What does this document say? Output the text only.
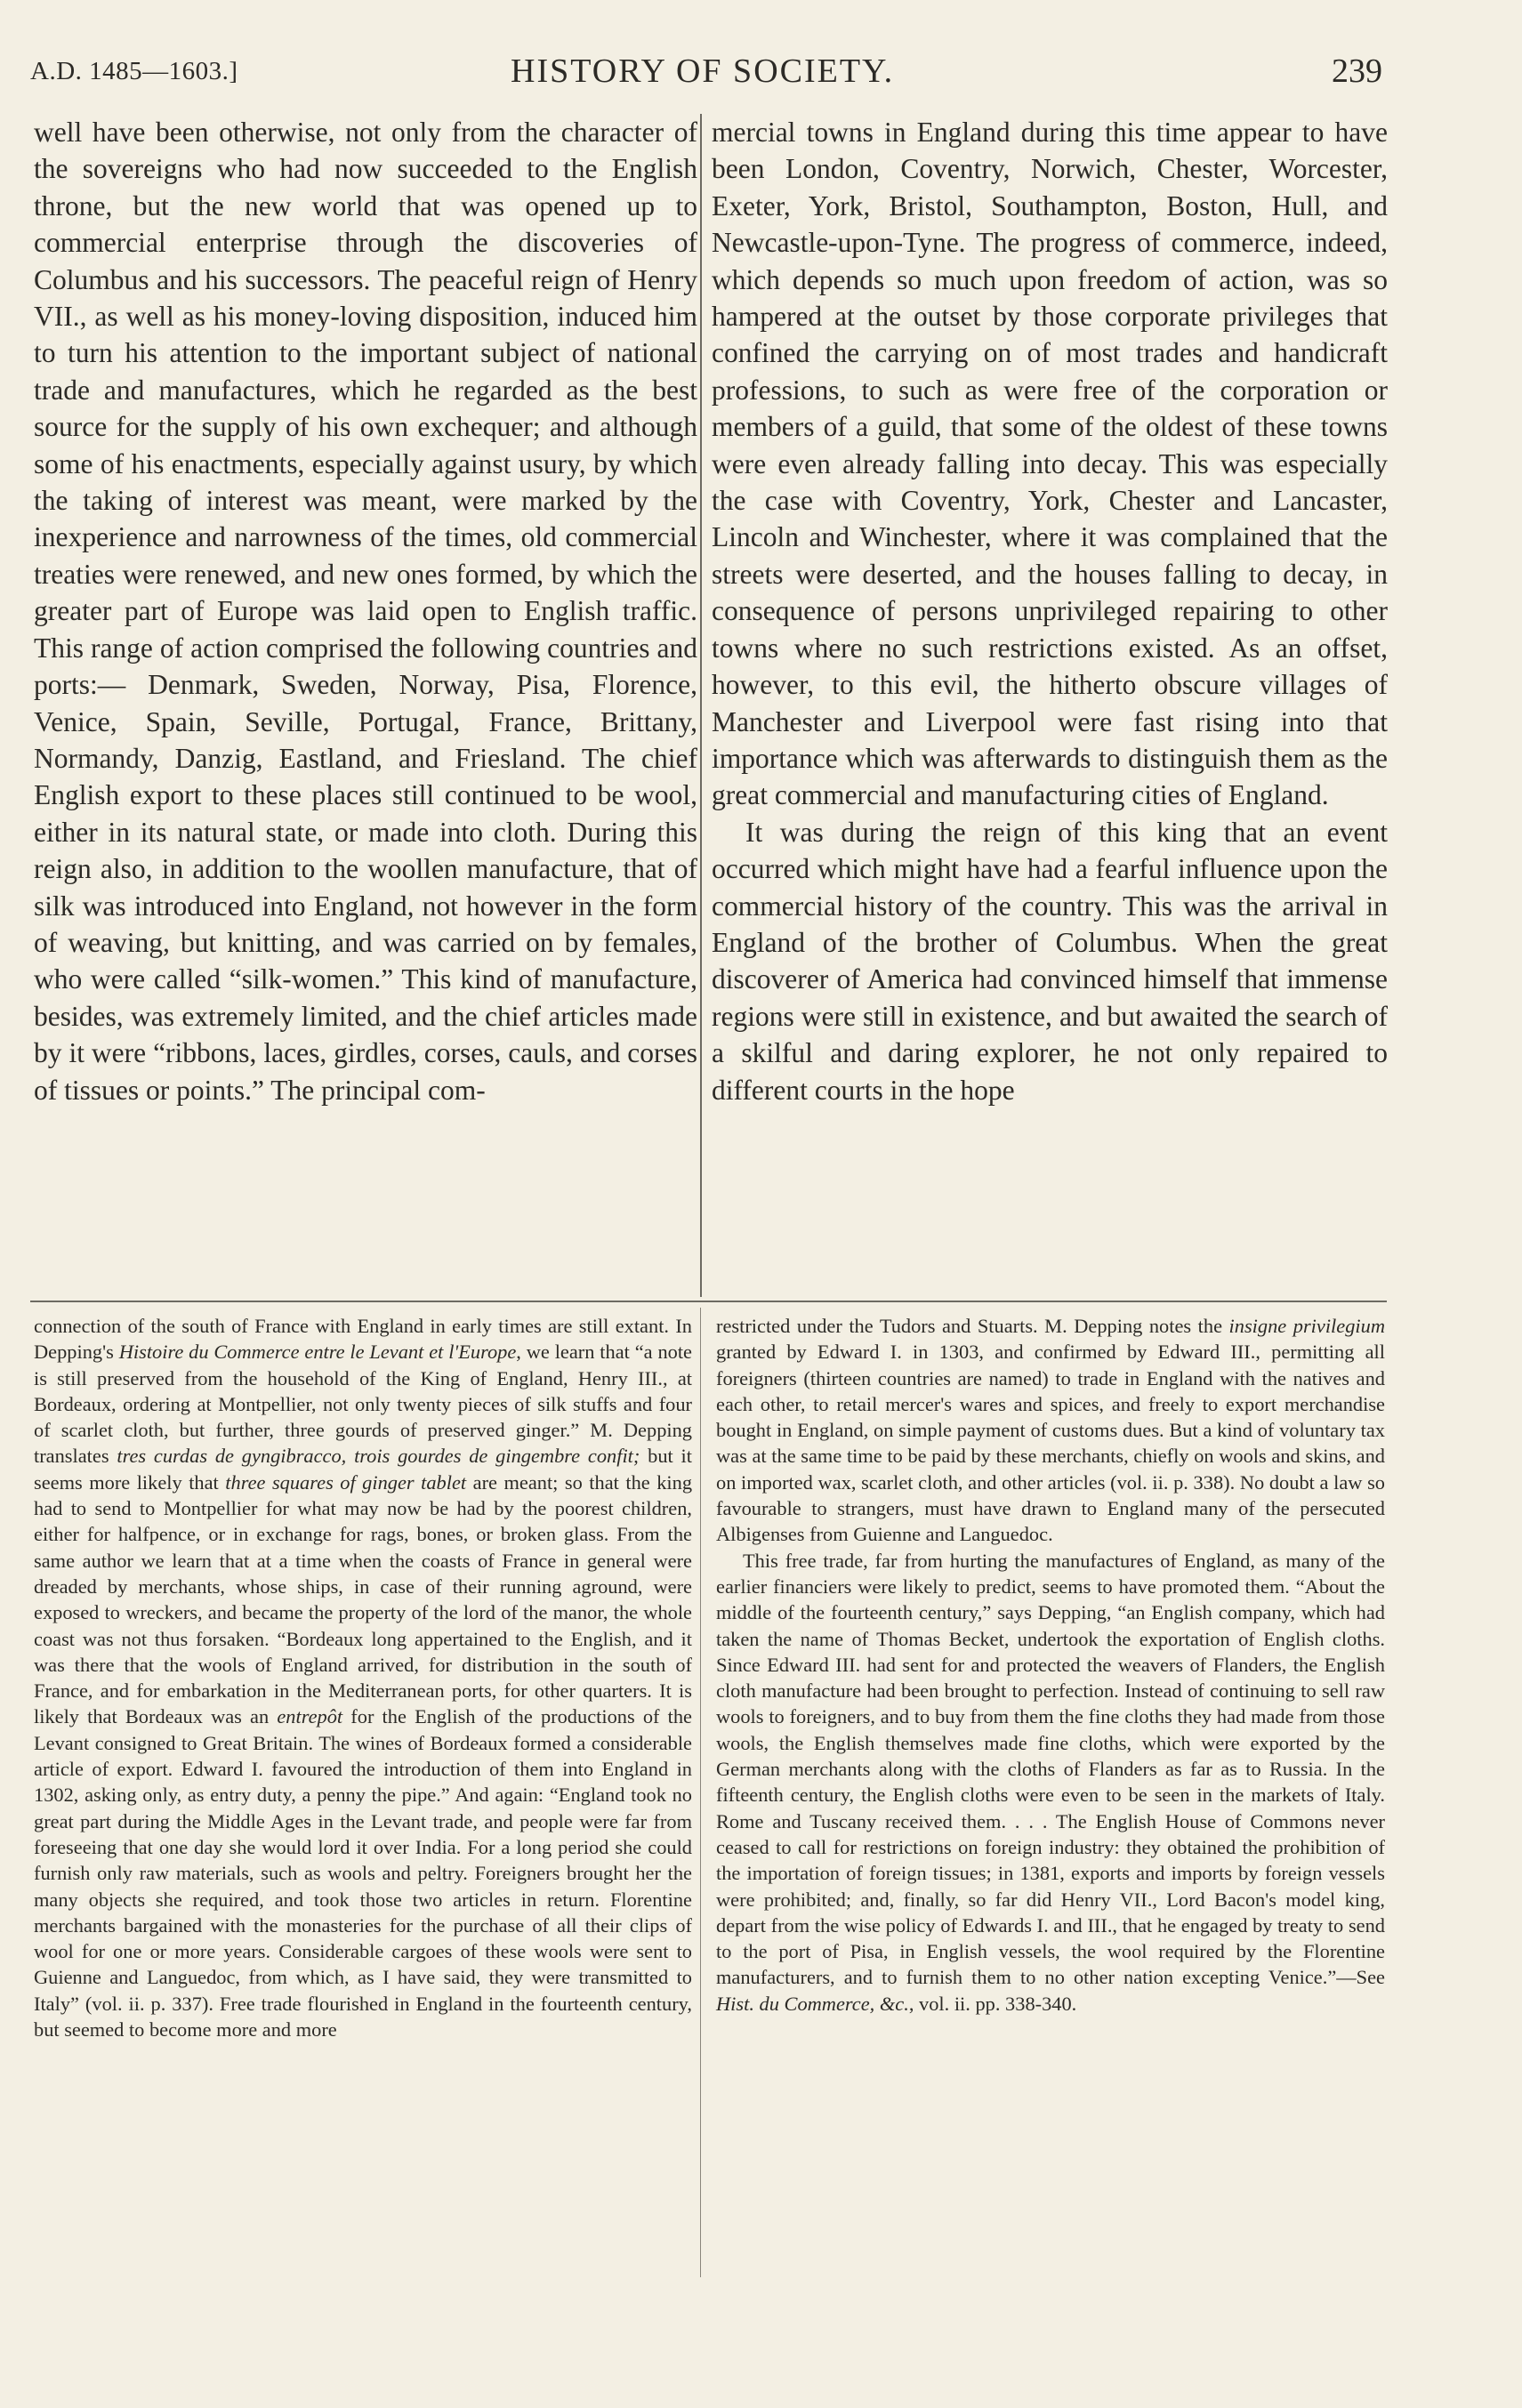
A.D. 1485—1603.]	HISTORY OF SOCIETY.	239

well have been otherwise, not only from the character of the sovereigns who had now succeeded to the English throne, but the new world that was opened up to commercial enterprise through the discoveries of Columbus and his successors. The peaceful reign of Henry VII., as well as his money-loving disposition, induced him to turn his attention to the important subject of national trade and manufactures, which he regarded as the best source for the supply of his own exchequer; and although some of his enactments, especially against usury, by which the taking of interest was meant, were marked by the inexperience and narrowness of the times, old commercial treaties were renewed, and new ones formed, by which the greater part of Europe was laid open to English traffic. This range of action comprised the following countries and ports:— Denmark, Sweden, Norway, Pisa, Florence, Venice, Spain, Seville, Portugal, France, Brittany, Normandy, Danzig, Eastland, and Friesland. The chief English export to these places still continued to be wool, either in its natural state, or made into cloth. During this reign also, in addition to the woollen manufacture, that of silk was introduced into England, not however in the form of weaving, but knitting, and was carried on by females, who were called “silk-women.” This kind of manufacture, besides, was extremely limited, and the chief articles made by it were “ribbons, laces, girdles, corses, cauls, and corses of tissues or points.” The principal com-

mercial towns in England during this time appear to have been London, Coventry, Norwich, Chester, Worcester, Exeter, York, Bristol, Southampton, Boston, Hull, and Newcastle-upon-Tyne. The progress of commerce, indeed, which depends so much upon freedom of action, was so hampered at the outset by those corporate privileges that confined the carrying on of most trades and handicraft professions, to such as were free of the corporation or members of a guild, that some of the oldest of these towns were even already falling into decay. This was especially the case with Coventry, York, Chester and Lancaster, Lincoln and Winchester, where it was complained that the streets were deserted, and the houses falling to decay, in consequence of persons unprivileged repairing to other towns where no such restrictions existed. As an offset, however, to this evil, the hitherto obscure villages of Manchester and Liverpool were fast rising into that importance which was afterwards to distinguish them as the great commercial and manufacturing cities of England.

It was during the reign of this king that an event occurred which might have had a fearful influence upon the commercial history of the country. This was the arrival in England of the brother of Columbus. When the great discoverer of America had convinced himself that immense regions were still in existence, and but awaited the search of a skilful and daring explorer, he not only repaired to different courts in the hope

connection of the south of France with England in early times are still extant. In Depping's Histoire du Commerce entre le Levant et l'Europe, we learn that “a note is still preserved from the household of the King of England, Henry III., at Bordeaux, ordering at Montpellier, not only twenty pieces of silk stuffs and four of scarlet cloth, but further, three gourds of preserved ginger.” M. Depping translates tres curdas de gyngibracco, trois gourdes de gingembre confit; but it seems more likely that three squares of ginger tablet are meant; so that the king had to send to Montpellier for what may now be had by the poorest children, either for halfpence, or in exchange for rags, bones, or broken glass. From the same author we learn that at a time when the coasts of France in general were dreaded by merchants, whose ships, in case of their running aground, were exposed to wreckers, and became the property of the lord of the manor, the whole coast was not thus forsaken. “Bordeaux long appertained to the English, and it was there that the wools of England arrived, for distribution in the south of France, and for embarkation in the Mediterranean ports, for other quarters. It is likely that Bordeaux was an entrepôt for the English of the productions of the Levant consigned to Great Britain. The wines of Bordeaux formed a considerable article of export. Edward I. favoured the introduction of them into England in 1302, asking only, as entry duty, a penny the pipe.” And again: “England took no great part during the Middle Ages in the Levant trade, and people were far from foreseeing that one day she would lord it over India. For a long period she could furnish only raw materials, such as wools and peltry. Foreigners brought her the many objects she required, and took those two articles in return. Florentine merchants bargained with the monasteries for the purchase of all their clips of wool for one or more years. Considerable cargoes of these wools were sent to Guienne and Languedoc, from which, as I have said, they were transmitted to Italy” (vol. ii. p. 337). Free trade flourished in England in the fourteenth century, but seemed to become more and more

restricted under the Tudors and Stuarts. M. Depping notes the insigne privilegium granted by Edward I. in 1303, and confirmed by Edward III., permitting all foreigners (thirteen countries are named) to trade in England with the natives and each other, to retail mercer's wares and spices, and freely to export merchandise bought in England, on simple payment of customs dues. But a kind of voluntary tax was at the same time to be paid by these merchants, chiefly on wools and skins, and on imported wax, scarlet cloth, and other articles (vol. ii. p. 338). No doubt a law so favourable to strangers, must have drawn to England many of the persecuted Albigenses from Guienne and Languedoc.

This free trade, far from hurting the manufactures of England, as many of the earlier financiers were likely to predict, seems to have promoted them. “About the middle of the fourteenth century,” says Depping, “an English company, which had taken the name of Thomas Becket, undertook the exportation of English cloths. Since Edward III. had sent for and protected the weavers of Flanders, the English cloth manufacture had been brought to perfection. Instead of continuing to sell raw wools to foreigners, and to buy from them the fine cloths they had made from those wools, the English themselves made fine cloths, which were exported by the German merchants along with the cloths of Flanders as far as to Russia. In the fifteenth century, the English cloths were even to be seen in the markets of Italy. Rome and Tuscany received them. . . . The English House of Commons never ceased to call for restrictions on foreign industry: they obtained the prohibition of the importation of foreign tissues; in 1381, exports and imports by foreign vessels were prohibited; and, finally, so far did Henry VII., Lord Bacon's model king, depart from the wise policy of Edwards I. and III., that he engaged by treaty to send to the port of Pisa, in English vessels, the wool required by the Florentine manufacturers, and to furnish them to no other nation excepting Venice.”—See Hist. du Commerce, &c., vol. ii. pp. 338-340.
